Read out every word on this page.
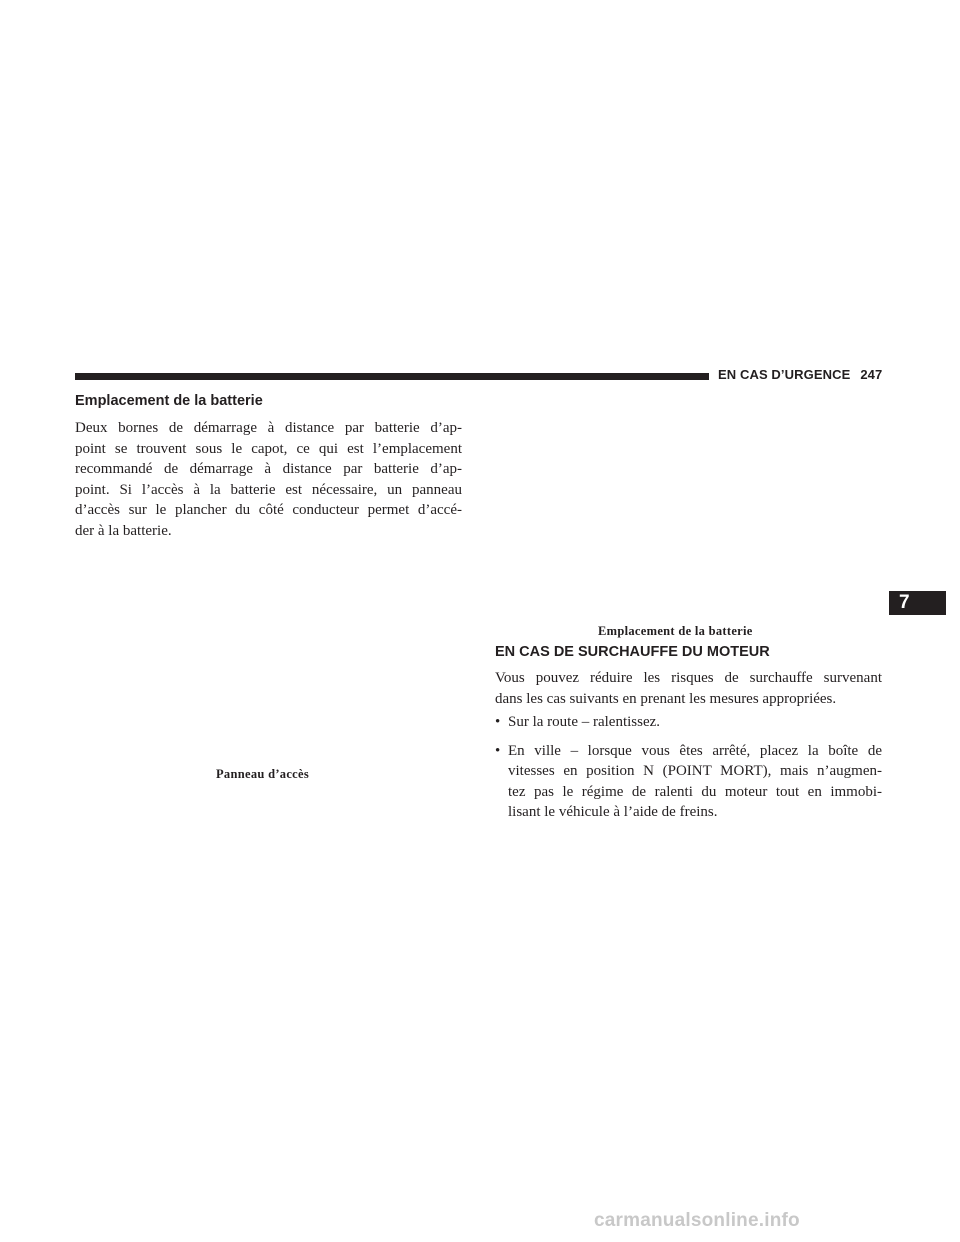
EN CAS D’URGENCE 247
7
Emplacement de la batterie
Deux bornes de démarrage à distance par batterie d’ap-
point se trouvent sous le capot, ce qui est l’emplacement
recommandé de démarrage à distance par batterie d’ap-
point. Si l’accès à la batterie est nécessaire, un panneau
d’accès sur le plancher du côté conducteur permet d’accé-
der à la batterie.
Panneau d’accès
Emplacement de la batterie
EN CAS DE SURCHAUFFE DU MOTEUR
Vous pouvez réduire les risques de surchauffe survenant
dans les cas suivants en prenant les mesures appropriées.
• Sur la route – ralentissez.
• En ville – lorsque vous êtes arrêté, placez la boîte de
vitesses en position N (POINT MORT), mais n’augmen-
tez pas le régime de ralenti du moteur tout en immobi-
lisant le véhicule à l’aide de freins.
carmanualsonline.info
